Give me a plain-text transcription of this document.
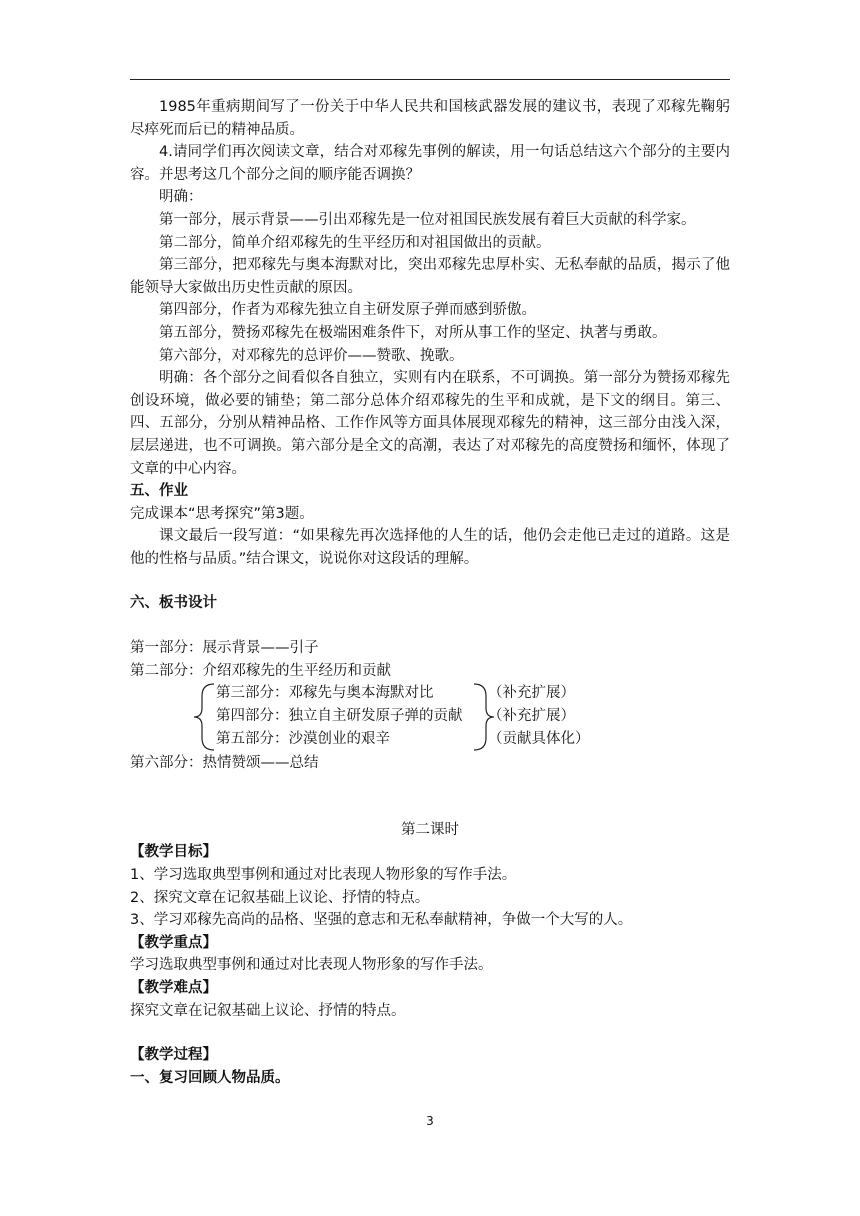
1985年重病期间写了一份关于中华人民共和国核武器发展的建议书，表现了邓稼先鞠躬尽瘁死而后已的精神品质。

4.请同学们再次阅读文章，结合对邓稼先事例的解读，用一句话总结这六个部分的主要内容。并思考这几个部分之间的顺序能否调换？

明确：

第一部分，展示背景——引出邓稼先是一位对祖国民族发展有着巨大贡献的科学家。

第二部分，简单介绍邓稼先的生平经历和对祖国做出的贡献。

第三部分，把邓稼先与奥本海默对比，突出邓稼先忠厚朴实、无私奉献的品质，揭示了他能领导大家做出历史性贡献的原因。

第四部分，作者为邓稼先独立自主研发原子弹而感到骄傲。

第五部分，赞扬邓稼先在极端困难条件下，对所从事工作的坚定、执著与勇敢。

第六部分，对邓稼先的总评价——赞歌、挽歌。

明确：各个部分之间看似各自独立，实则有内在联系，不可调换。第一部分为赞扬邓稼先创设环境，做必要的铺垫；第二部分总体介绍邓稼先的生平和成就，是下文的纲目。第三、四、五部分，分别从精神品格、工作作风等方面具体展现邓稼先的精神，这三部分由浅入深，层层递进，也不可调换。第六部分是全文的高潮，表达了对邓稼先的高度赞扬和缅怀，体现了文章的中心内容。

五、作业

完成课本“思考探究”第3题。

课文最后一段写道：“如果稼先再次选择他的人生的话，他仍会走他已走过的道路。这是他的性格与品质。”结合课文，说说你对这段话的理解。

六、板书设计

第一部分：展示背景——引子

第二部分：介绍邓稼先的生平经历和贡献

第三部分：邓稼先与奥本海默对比
第四部分：独立自主研发原子弹的贡献
第五部分：沙漠创业的艰辛
（补充扩展）
（补充扩展）
（贡献具体化）

第六部分：热情赞颂——总结

第二课时

【教学目标】

1、学习选取典型事例和通过对比表现人物形象的写作手法。

2、探究文章在记叙基础上议论、抒情的特点。

3、学习邓稼先高尚的品格、坚强的意志和无私奉献精神，争做一个大写的人。

【教学重点】

学习选取典型事例和通过对比表现人物形象的写作手法。

【教学难点】

探究文章在记叙基础上议论、抒情的特点。

【教学过程】

一、复习回顾人物品质。

3
